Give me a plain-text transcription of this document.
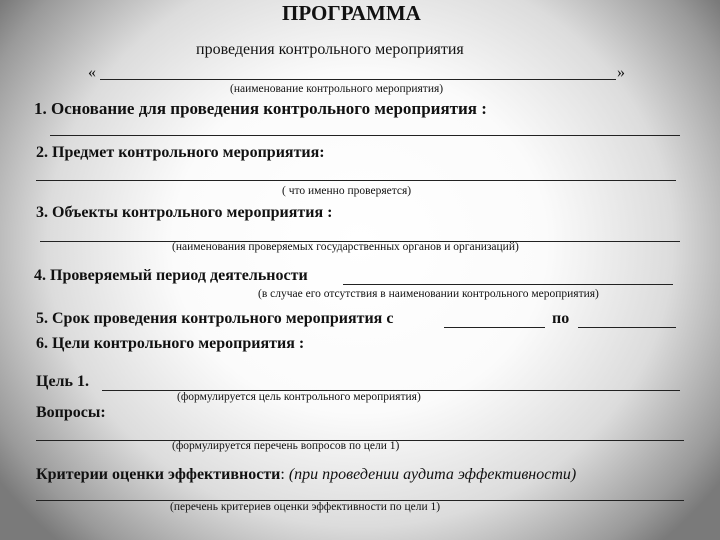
ПРОГРАММА
проведения контрольного мероприятия
«	»
(наименование контрольного мероприятия)
1. Основание для проведения контрольного мероприятия :
2. Предмет контрольного мероприятия:
( что именно проверяется)
3. Объекты контрольного мероприятия :
(наименования проверяемых государственных органов и организаций)
4. Проверяемый период деятельности
(в случае его отсутствия в наименовании контрольного мероприятия)
5. Срок проведения контрольного мероприятия с	по
6. Цели контрольного мероприятия :
Цель 1.
(формулируется цель контрольного мероприятия)
Вопросы:
(формулируется перечень вопросов по цели 1)
Критерии оценки эффективности: (при проведении аудита эффективности)
(перечень критериев оценки эффективности по цели 1)
